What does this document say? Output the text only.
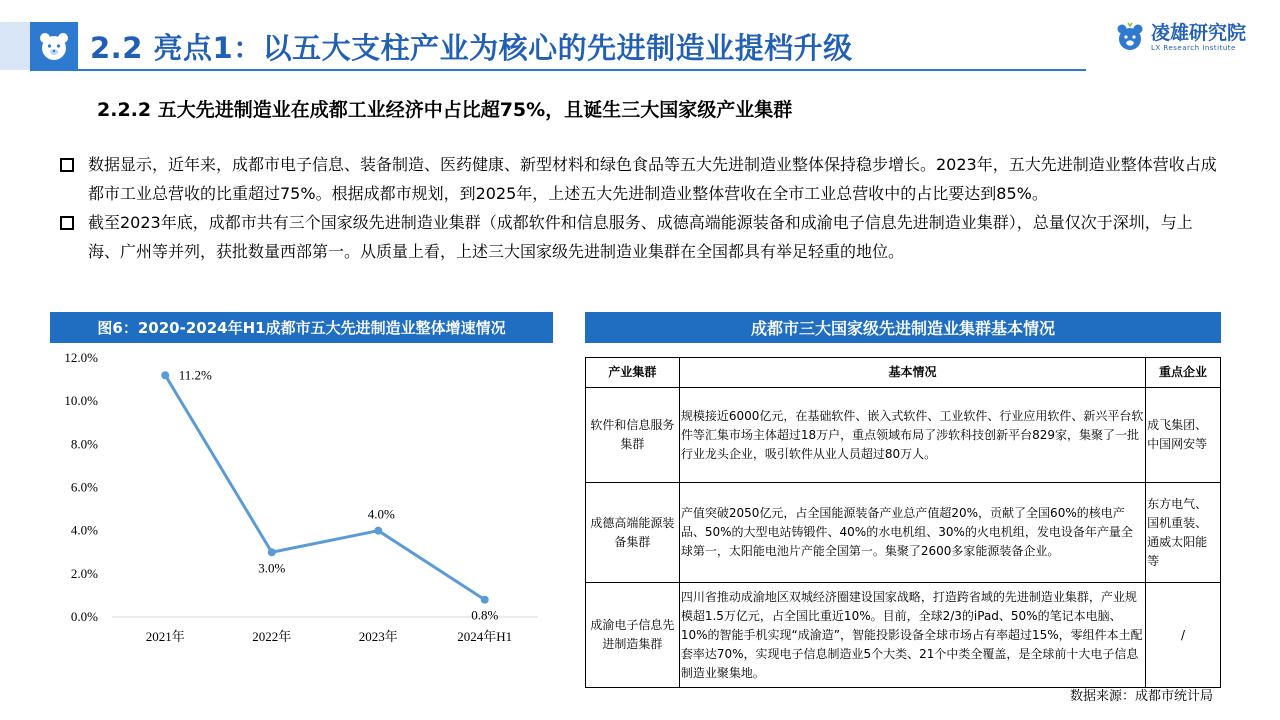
2.2 亮点1：以五大支柱产业为核心的先进制造业提档升级	凌雄研究院
LX Research Institute
2.2.2 五大先进制造业在成都工业经济中占比超75%，且诞生三大国家级产业集群
数据显示，近年来，成都市电子信息、装备制造、医药健康、新型材料和绿色食品等五大先进制造业整体保持稳步增长。2023年，五大先进制造业整体营收占成都市工业总营收的比重超过75%。根据成都市规划，到2025年，上述五大先进制造业整体营收在全市工业总营收中的占比要达到85%。
截至2023年底，成都市共有三个国家级先进制造业集群（成都软件和信息服务、成德高端能源装备和成渝电子信息先进制造业集群），总量仅次于深圳，与上海、广州等并列，获批数量西部第一。从质量上看，上述三大国家级先进制造业集群在全国都具有举足轻重的地位。
图6：2020-2024年H1成都市五大先进制造业整体增速情况
0.0%
2.0%
4.0%
6.0%
8.0%
10.0%
12.0%
2021年	2022年	2023年	2024年H1
11.2%
3.0%
4.0%
0.8%
成都市三大国家级先进制造业集群基本情况
产业集群	基本情况	重点企业
软件和信息服务集群	规模接近6000亿元，在基础软件、嵌入式软件、工业软件、行业应用软件、新兴平台软件等汇集市场主体超过18万户，重点领域布局了涉软科技创新平台829家，集聚了一批行业龙头企业，吸引软件从业人员超过80万人。	成飞集团、中国网安等
成德高端能源装备集群	产值突破2050亿元，占全国能源装备产业总产值超20%，贡献了全国60%的核电产品、50%的大型电站铸锻件、40%的水电机组、30%的火电机组，发电设备年产量全球第一，太阳能电池片产能全国第一。集聚了2600多家能源装备企业。	东方电气、国机重装、通威太阳能等
成渝电子信息先进制造集群	四川省推动成渝地区双城经济圈建设国家战略，打造跨省域的先进制造业集群，产业规模超1.5万亿元，占全国比重近10%。目前，全球2/3的iPad、50%的笔记本电脑、10%的智能手机实现“成渝造”，智能投影设备全球市场占有率超过15%，零组件本土配套率达70%，实现电子信息制造业5个大类、21个中类全覆盖，是全球前十大电子信息制造业聚集地。	/
数据来源：成都市统计局
